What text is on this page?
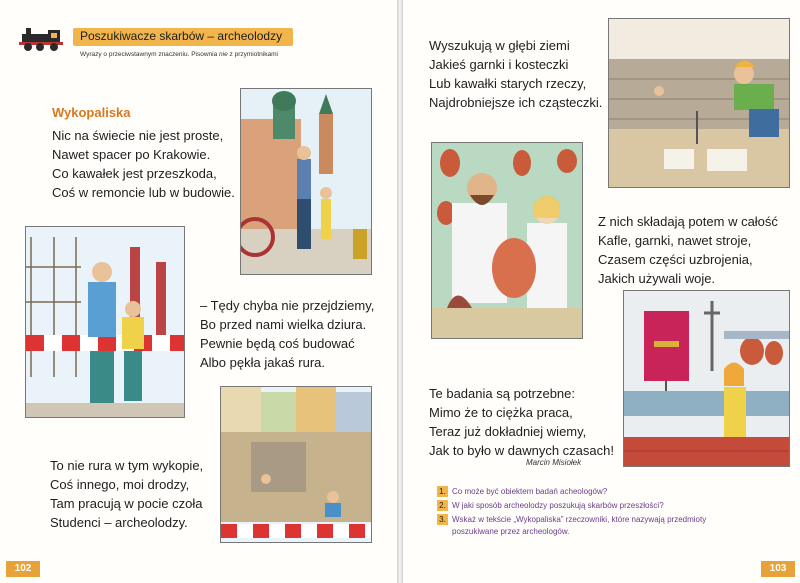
Poszukiwacze skarbów – archeolodzy
Wyrazy o przeciwstawnym znaczeniu. Pisownia nie z przymiotnikami
Wykopaliska
Nic na świecie nie jest proste,
Nawet spacer po Krakowie.
Co kawałek jest przeszkoda,
Coś w remoncie lub w budowie.
– Tędy chyba nie przejdziemy,
Bo przed nami wielka dziura.
Pewnie będą coś budować
Albo pękła jakaś rura.
To nie rura w tym wykopie,
Coś innego, moi drodzy,
Tam pracują w pocie czoła
Studenci – archeolodzy.
102
Wyszukują w głębi ziemi
Jakieś garnki i kosteczki
Lub kawałki starych rzeczy,
Najdrobniejsze ich cząsteczki.
Z nich składają potem w całość
Kafle, garnki, nawet stroje,
Czasem części uzbrojenia,
Jakich używali woje.
Te badania są potrzebne:
Mimo że to ciężka praca,
Teraz już dokładniej wiemy,
Jak to było w dawnych czasach!
Marcin Misiołek
1. Co może być obiektem badań acheologów?
2. W jaki sposób archeolodzy poszukują skarbów przeszłości?
3. Wskaż w tekście „Wykopaliska” rzeczowniki, które nazywają przedmioty
poszukiwane przez archeologów.
103
